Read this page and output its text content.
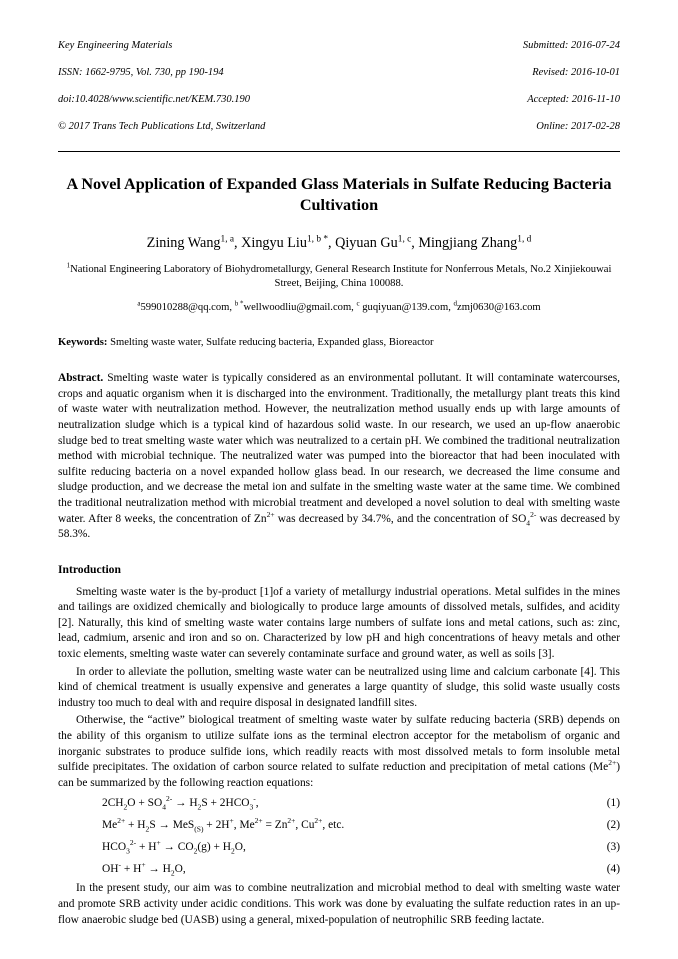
Key Engineering Materials

ISSN: 1662-9795, Vol. 730, pp 190-194

doi:10.4028/www.scientific.net/KEM.730.190

© 2017 Trans Tech Publications Ltd, Switzerland

Submitted: 2016-07-24

Revised: 2016-10-01

Accepted: 2016-11-10

Online: 2017-02-28

A Novel Application of Expanded Glass Materials in Sulfate Reducing Bacteria Cultivation
Zining Wang$^{1, a}$, Xingyu Liu$^{1, b *}$, Qiyuan Gu$^{1, c}$, Mingjiang Zhang$^{1, d}$
$^1$National Engineering Laboratory of Biohydrometallurgy, General Research Institute for Nonferrous Metals, No.2 Xinjiekouwai Street, Beijing, China 100088.
$^a$599010288@qq.com, $^{b *}$wellwoodliu@gmail.com, $^c$ guqiyuan@139.com, $^d$zmj0630@163.com
Keywords: Smelting waste water, Sulfate reducing bacteria, Expanded glass, Bioreactor
Abstract. Smelting waste water is typically considered as an environmental pollutant. It will contaminate watercourses, crops and aquatic organism when it is discharged into the environment. Traditionally, the metallurgy plant treats this kind of waste water with neutralization method. However, the neutralization method usually ends up with large amounts of neutralization sludge which is a typical kind of hazardous solid waste. In our research, we used an up-flow anaerobic sludge bed to treat smelting waste water which was neutralized to a certain pH. We combined the traditional neutralization method with microbial technique. The neutralized water was pumped into the bioreactor that had been inoculated with sulfite reducing bacteria on a novel expanded hollow glass bead. In our research, we decreased the lime consume and sludge production, and we decrease the metal ion and sulfate in the smelting waste water at the same time. We combined the traditional neutralization method with microbial treatment and developed a novel solution to deal with smelting waste water. After 8 weeks, the concentration of $Zn^{2+}$ was decreased by 34.7%, and the concentration of $SO_4^{2-}$ was decreased by 58.3%.
Introduction
Smelting waste water is the by-product [1]of a variety of metallurgy industrial operations. Metal sulfides in the mines and tailings are oxidized chemically and biologically to produce large amounts of dissolved metals, sulfides, and acidity [2]. Naturally, this kind of smelting waste water contains large numbers of sulfate ions and metal cations, such as: zinc, lead, cadmium, arsenic and iron and so on. Characterized by low pH and high concentrations of heavy metals and other toxic elements, smelting waste water can severely contaminate surface and ground water, as well as soils [3].
In order to alleviate the pollution, smelting waste water can be neutralized using lime and calcium carbonate [4]. This kind of chemical treatment is usually expensive and generates a large quantity of sludge, this solid waste usually costs industry too much to deal with and require disposal in designated landfill sites.
Otherwise, the “active” biological treatment of smelting waste water by sulfate reducing bacteria (SRB) depends on the ability of this organism to utilize sulfate ions as the terminal electron acceptor for the metabolism of organic and inorganic substrates to produce sulfide ions, which readily reacts with most dissolved metals to form insoluble metal sulfide precipitates. The oxidation of carbon source related to sulfate reduction and precipitation of metal cations $(Me^{2+})$ can be summarized by the following reaction equations:
$2CH_2O + SO_4^{2-} \to H_2S + 2HCO_3^-$,	(1)
$Me^{2+} + H_2S \to MeS_{(S)} + 2H^+$, $Me^{2+} = Zn^{2+}$, $Cu^{2+}$, etc.	(2)
$HCO_3^{2-} + H^+ \to CO_2(g) + H_2O$,	(3)
$OH^- + H^+ \to H_2O$,	(4)
In the present study, our aim was to combine neutralization and microbial method to deal with smelting waste water and promote SRB activity under acidic conditions. This work was done by evaluating the sulfate reduction rates in an up-flow anaerobic sludge bed (UASB) using a general, mixed-population of neutrophilic SRB feeding lactate.
